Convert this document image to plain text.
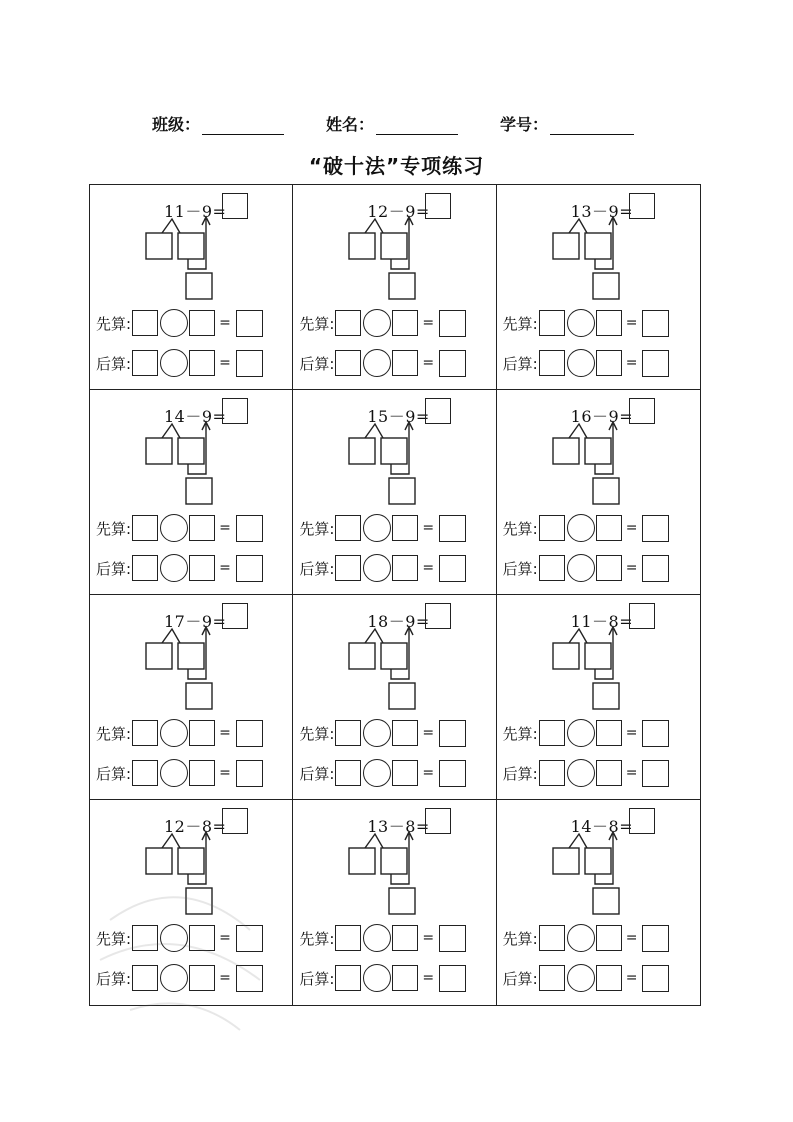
班级：	姓名：	学号：
“破十法”专项练习
11－9=
先算:	=
后算:	=
12－9=
先算:	=
后算:	=
13－9=
先算:	=
后算:	=
14－9=
先算:	=
后算:	=
15－9=
先算:	=
后算:	=
16－9=
先算:	=
后算:	=
17－9=
先算:	=
后算:	=
18－9=
先算:	=
后算:	=
11－8=
先算:	=
后算:	=
12－8=
先算:	=
后算:	=
13－8=
先算:	=
后算:	=
14－8=
先算:	=
后算:	=
